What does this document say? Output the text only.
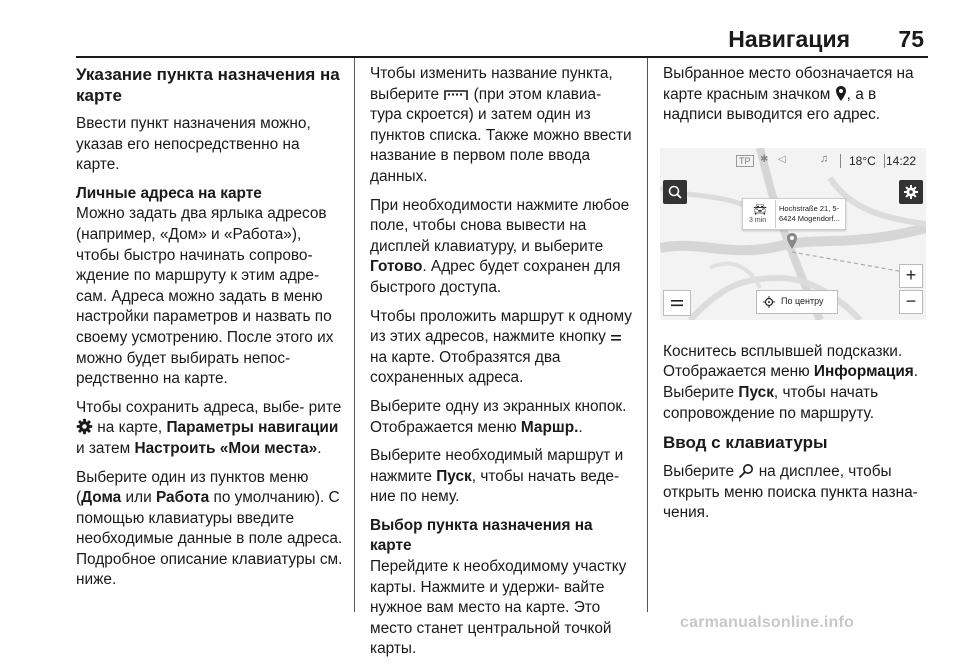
Навигация 75
Указание пункта назначения на карте

Ввести пункт назначения можно, указав его непосредственно на карте.

Личные адреса на карте

Можно задать два ярлыка адресов (например, «Дом» и «Работа»), чтобы быстро начинать сопрово- ждение по маршруту к этим адре- сам. Адреса можно задать в меню настройки параметров и назвать по своему усмотрению. После этого их можно будет выбирать непос- редственно на карте.

Чтобы сохранить адреса, выбе- рите  на карте, Параметры навигации и затем Настроить «Мои места».

Выберите один из пунктов меню (Дома или Работа по умолчанию). С помощью клавиатуры введите необходимые данные в поле адреса. Подробное описание клавиатуры см. ниже.

Чтобы изменить название пункта, выберите (при этом клавиа- тура скроется) и затем один из пунктов списка. Также можно ввести название в первом поле ввода данных.

При необходимости нажмите любое поле, чтобы снова вывести на дисплей клавиатуру, и выберите Готово. Адрес будет сохранен для быстрого доступа.

Чтобы проложить маршрут к одному из этих адресов, нажмите кнопку  на карте. Отобразятся два сохраненных адреса.

Выберите одну из экранных кнопок. Отображается меню Маршр..

Выберите необходимый маршрут и нажмите Пуск, чтобы начать веде- ние по нему.

Выбор пункта назначения на карте

Перейдите к необходимому участку карты. Нажмите и удержи- вайте нужное вам место на карте. Это место станет центральной точкой карты.

Выбранное место обозначается на карте красным значком , а в надписи выводится его адрес.

Коснитесь всплывшей подсказки. Отображается меню Информация. Выберите Пуск, чтобы начать сопровождение по маршруту.

Ввод с клавиатуры

Выберите на дисплее, чтобы открыть меню поиска пункта назна- чения.

TP ✱ ◁	♫	18°C 14:22
🚘︎
3 min
Hochstraße 21, 5-
6424 Mogendorf...
+
−
По центру
carmanualsonline.info
